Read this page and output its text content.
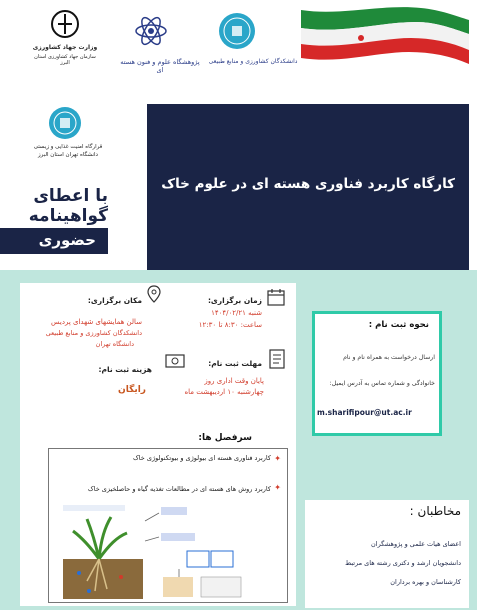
وزارت جهاد کشاورزی
سازمان جهاد کشاورزی استان البرز	پژوهشگاه علوم و فنون هسته ای
دانشکدگان کشاورزی و منابع طبیعی
قرارگاه امنیت غذایی و زیستی
دانشگاه تهران استان البرز
با اعطای
گواهینامه
حضوری
کارگاه کاربرد فناوری هسته ای در علوم خاک
زمان برگزاری:
شنبه ۱۴۰۴/۰۲/۲۱
ساعت: ۸:۳۰ تا ۱۲:۳۰
مکان برگزاری:
سالن همایشهای شهدای پردیس
دانشکدگان کشاورزی و منابع طبیعی
دانشگاه تهران
مهلت ثبت نام:
پایان وقت اداری روز
چهارشنبه ۱۰ اردیبهشت ماه
هزینه ثبت نام:
رایگان
سرفصل ها:
✦
کاربرد فناوری هسته ای بیولوژی و بیوتکنولوژی خاک
✦
کاربرد روش های هسته ای در مطالعات تغذیه گیاه و حاصلخیزی خاک
نحوه ثبت نام :
ارسال درخواست به همراه نام و نام
خانوادگی و شماره تماس به آدرس ایمیل:
m.sharifipour@ut.ac.ir
مخاطبان :
اعضای هیات علمی و پژوهشگران
دانشجویان ارشد و دکتری رشته های مرتبط
کارشناسان و بهره برداران
